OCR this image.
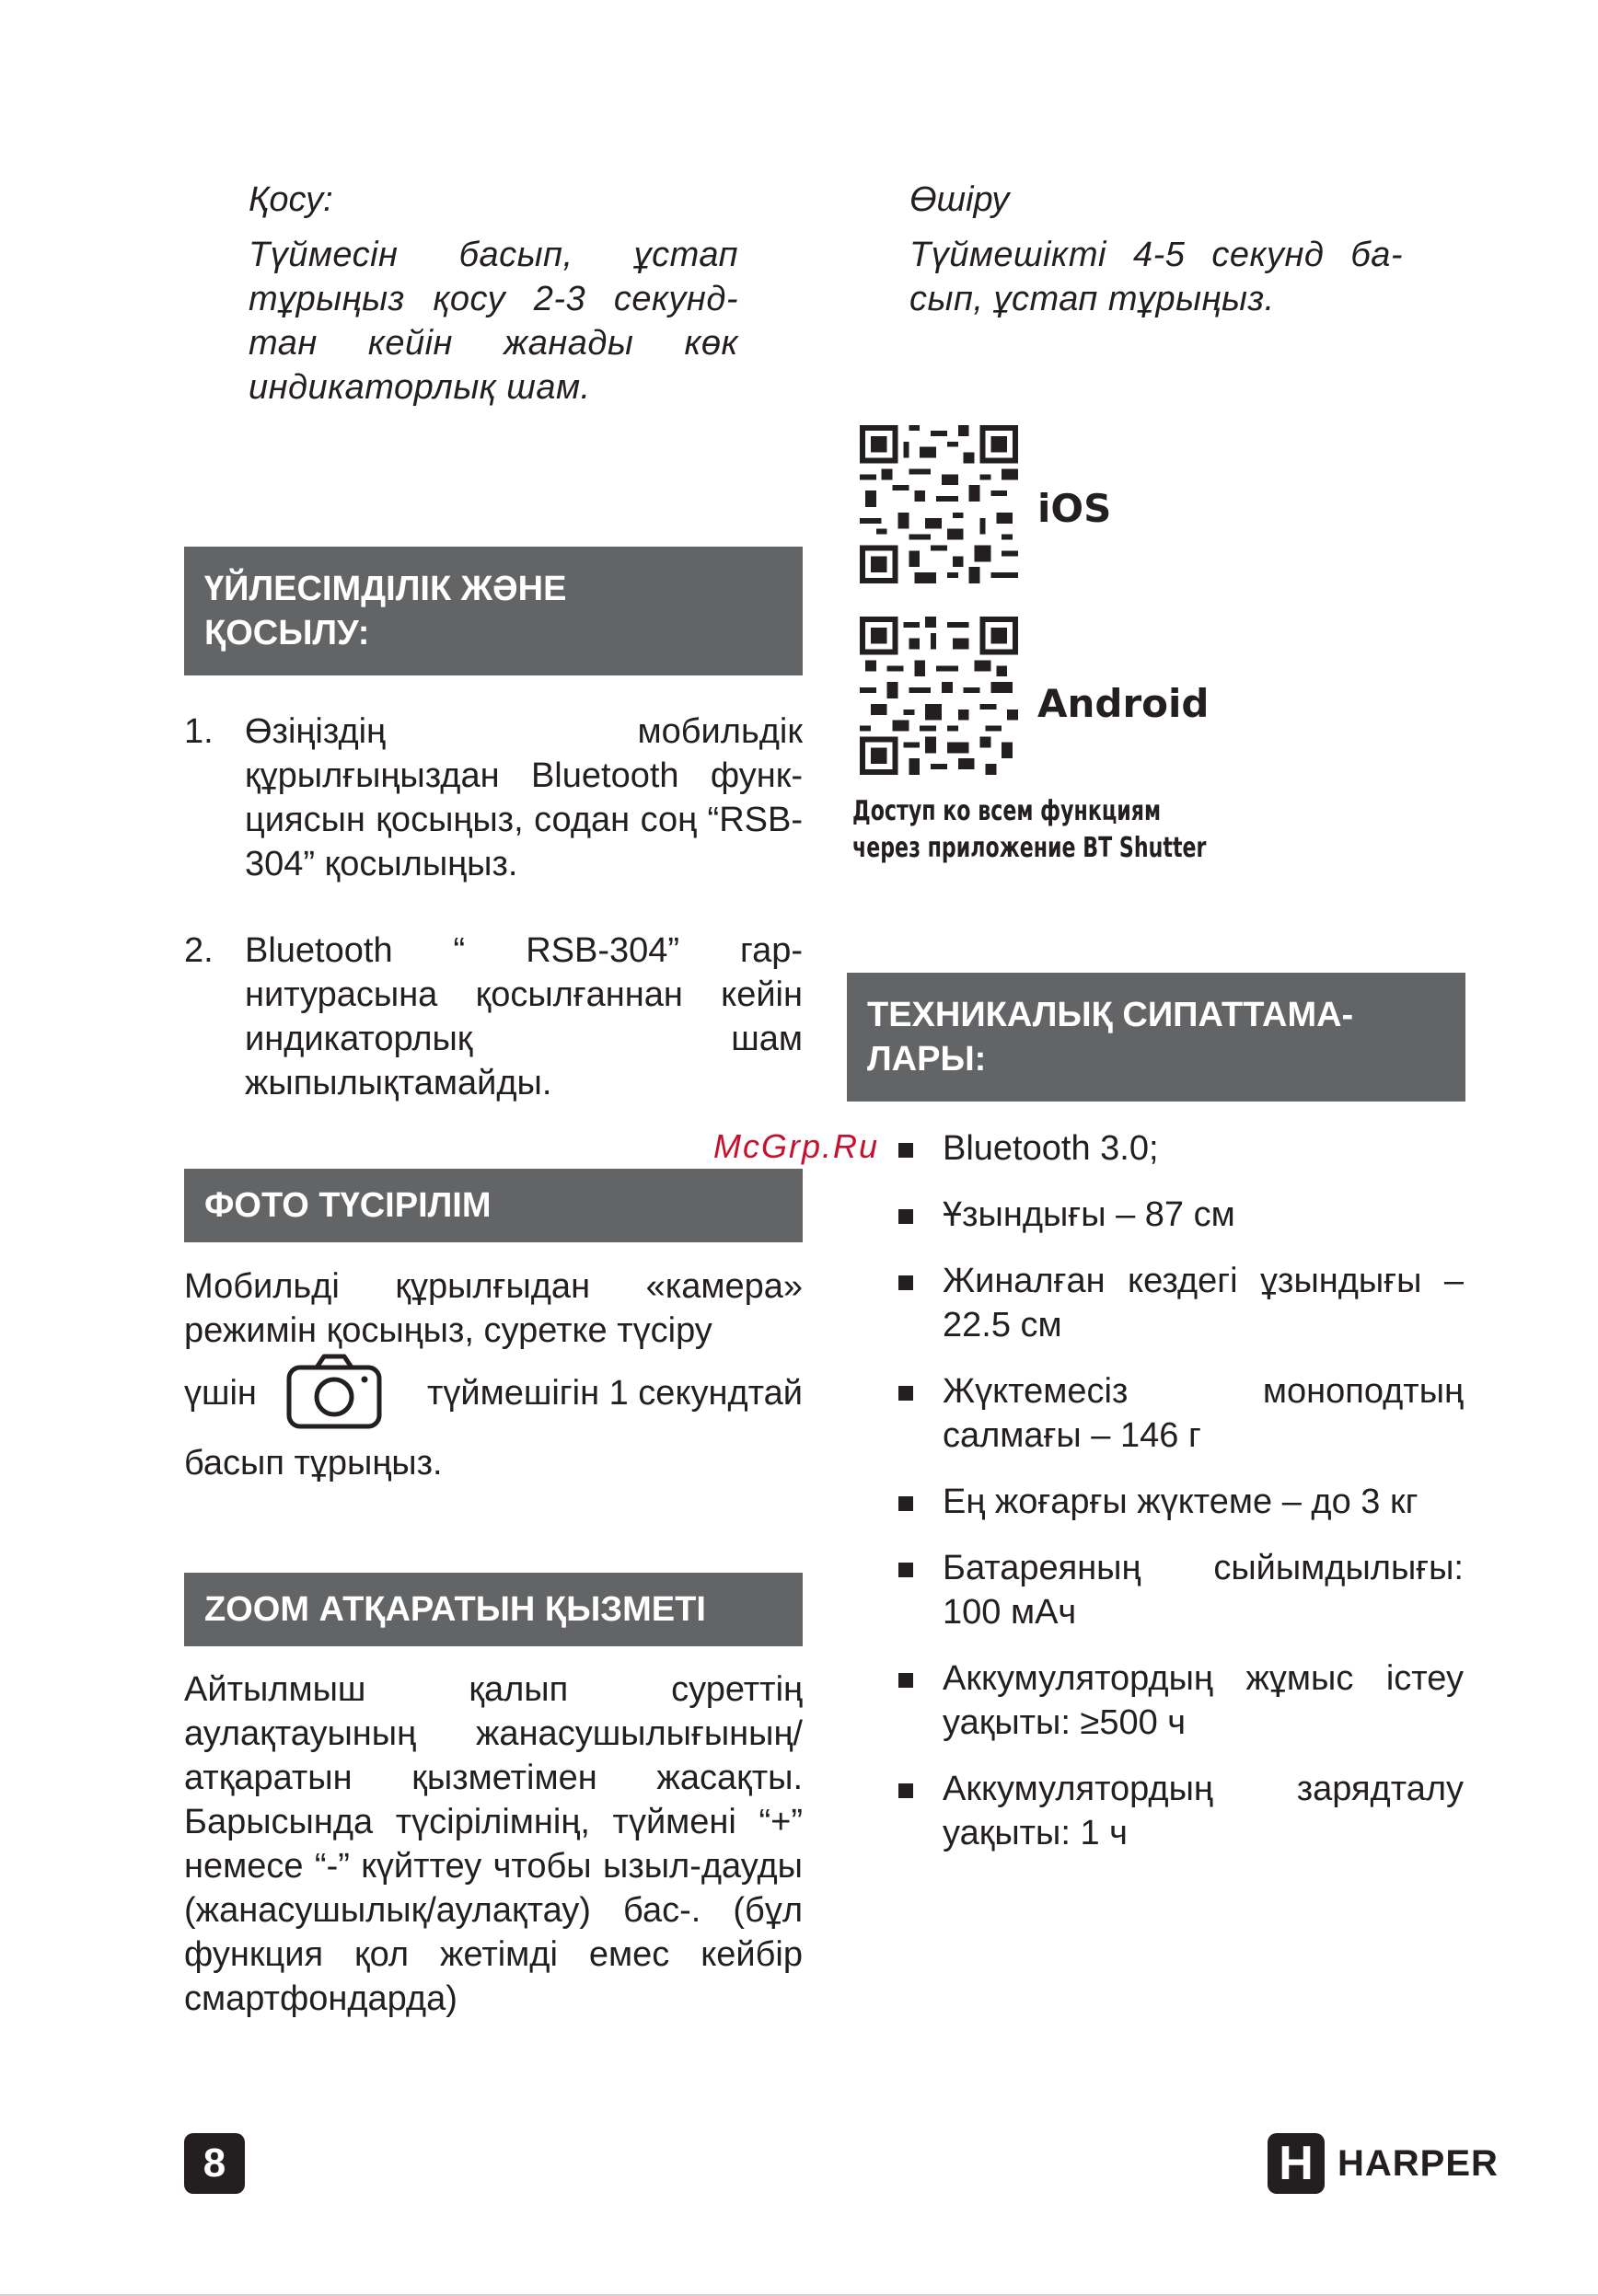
Қосу:

Түймесін басып, ұстап тұрыңыз қосу 2-3 секунд-тан кейін жанады көк индикаторлық шам.

ҮЙЛЕСІМДІЛІК ЖӘНЕ ҚОСЫЛУ:

1. Өзіңіздің мобильдік құрылғыңыздан Bluetooth функ-циясын қосыңыз, содан соң “RSB-304” қосылыңыз.

2. Bluetooth “ RSB-304” гар-нитурасына қосылғаннан кейін индикаторлық шам жыпылықтамайды.

ФОТО ТҮСІРІЛІМ

Мобильді құрылғыдан «камера» режимін қосыңыз, суретке түсіру

үшін	түймешігін 1 секундтай

басып тұрыңыз.

ZOOM АТҚАРАТЫН ҚЫЗМЕТІ

Айтылмыш қалып суреттің аулақтауының жанасушылығының/ атқаратын қызметімен жасақты. Барысында түсірілімнің, түймені “+” немесе “-” күйттеу чтобы ызыл-дауды (жанасушылық/аулақтау) бас-. (бұл функция қол жетімді емес кейбір смартфондарда)

Өшіру

Түймешікті 4-5 секунд ба-сып, ұстап тұрыңыз.

iOS
Android
Доступ ко всем функциям
через приложение BT Shutter
ТЕХНИКАЛЫҚ СИПАТТАМА-ЛАРЫ:
McGrp.Ru	Bluetooth 3.0;

Ұзындығы – 87 см

Жиналған кездегі ұзындығы – 22.5 см

Жүктемесіз моноподтың салмағы – 146 г

Ең жоғарғы жүктеме – до 3 кг

Батареяның сыйымдылығы: 100 мАч

Аккумулятордың жұмыс істеу уақыты: ≥500 ч

Аккумулятордың зарядталу уақыты: 1 ч

8	H HARPER
